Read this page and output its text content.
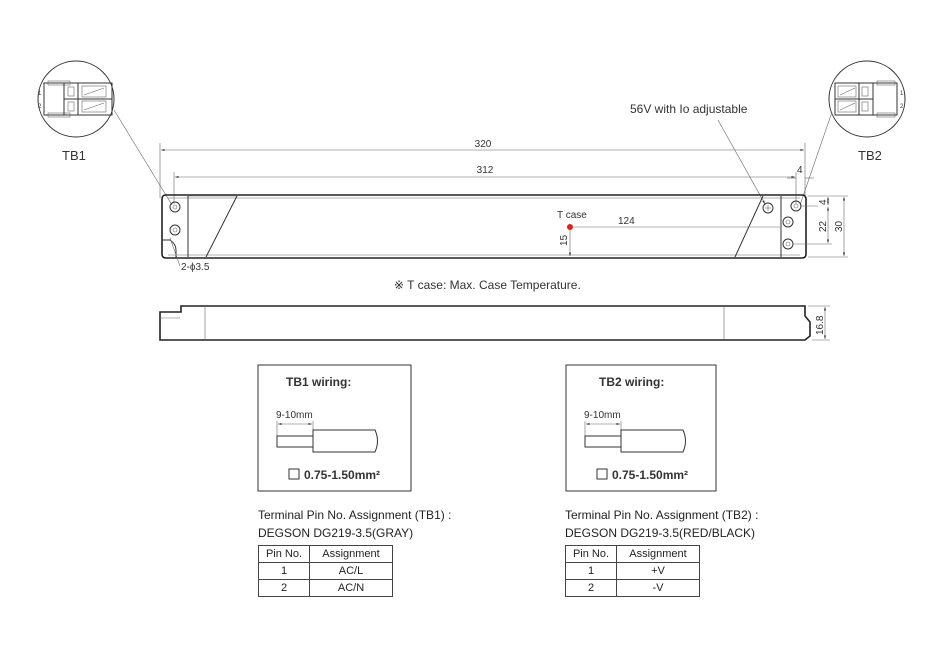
1
2
TB1
1
2
TB2
56V with Io adjustable
320
312	4
T case
124
15
4
22 30
2-ϕ3.5
※ T case: Max. Case Temperature.
16.8
TB1 wiring:
9-10mm
0.75-1.50mm²
TB2 wiring:
9-10mm
0.75-1.50mm²
Terminal Pin No. Assignment (TB1) :
DEGSON DG219-3.5(GRAY)
Pin No.	Assignment
1	AC/L
2	AC/N
Terminal Pin No. Assignment (TB2) :
DEGSON DG219-3.5(RED/BLACK)
Pin No.	Assignment
1	+V
2	-V
